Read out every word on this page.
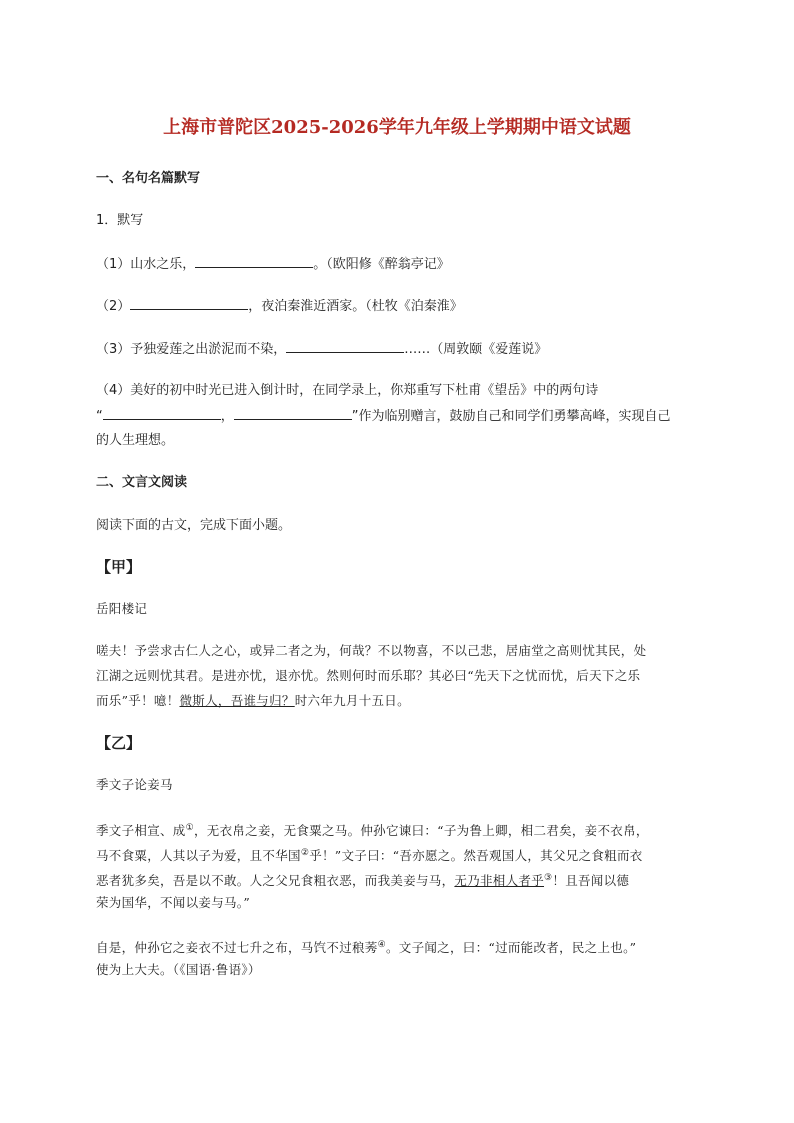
上海市普陀区2025-2026学年九年级上学期期中语文试题
一、名句名篇默写
1．默写
（1）山水之乐，	。（欧阳修《醉翁亭记》
（2）	，夜泊秦淮近酒家。（杜牧《泊秦淮》
（3）予独爱莲之出淤泥而不染，	……（周敦颐《爱莲说》
（4）美好的初中时光已进入倒计时，在同学录上，你郑重写下杜甫《望岳》中的两句诗
“	，	”作为临别赠言，鼓励自己和同学们勇攀高峰，实现自己
的人生理想。
二、文言文阅读
阅读下面的古文，完成下面小题。
【甲】
岳阳楼记
嗟夫！予尝求古仁人之心，或异二者之为，何哉？不以物喜，不以己悲，居庙堂之高则忧其民，处
江湖之远则忧其君。是进亦忧，退亦忧。然则何时而乐耶？其必曰“先天下之忧而忧，后天下之乐
而乐”乎！噫！微斯人，吾谁与归？时六年九月十五日。
【乙】
季文子论妾马
季文子相宣、成①，无衣帛之妾，无食粟之马。仲孙它谏曰：“子为鲁上卿，相二君矣，妾不衣帛，
马不食粟，人其以子为爱，且不华国②乎！”文子曰：“吾亦愿之。然吾观国人，其父兄之食粗而衣
恶者犹多矣，吾是以不敢。人之父兄食粗衣恶，而我美妾与马，无乃非相人者乎③！且吾闻以德
荣为国华，不闻以妾与马。”
自是，仲孙它之妾衣不过七升之布，马饩不过稂莠④。文子闻之，曰：“过而能改者，民之上也。”
使为上大夫。（《国语·鲁语》）
